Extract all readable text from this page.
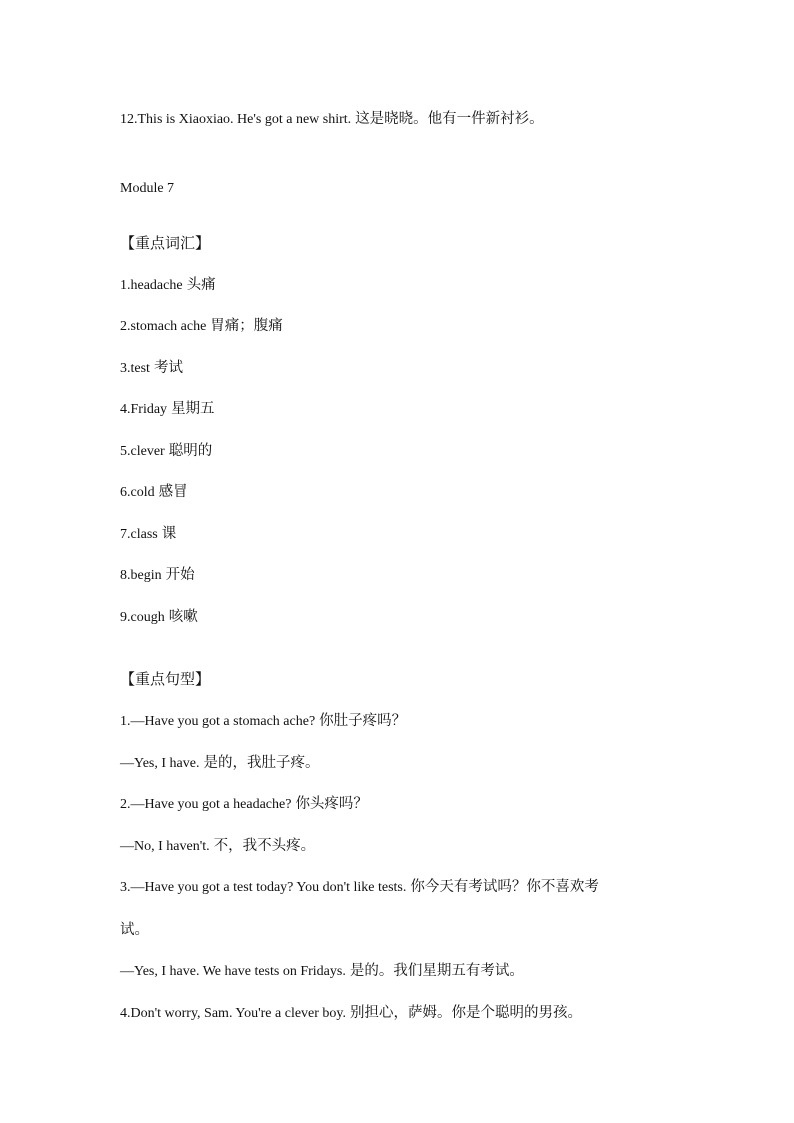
12.This is Xiaoxiao. He's got a new shirt. 这是晓晓。他有一件新衬衫。
Module 7
【重点词汇】
1.headache 头痛
2.stomach ache 胃痛；腹痛
3.test 考试
4.Friday 星期五
5.clever 聪明的
6.cold 感冒
7.class 课
8.begin 开始
9.cough 咳嗽
【重点句型】
1.—Have you got a stomach ache? 你肚子疼吗？
—Yes, I have. 是的，我肚子疼。
2.—Have you got a headache? 你头疼吗？
—No, I haven't. 不，我不头疼。
3.—Have you got a test today? You don't like tests. 你今天有考试吗？你不喜欢考
试。
—Yes, I have. We have tests on Fridays. 是的。我们星期五有考试。
4.Don't worry, Sam. You're a clever boy. 别担心，萨姆。你是个聪明的男孩。
